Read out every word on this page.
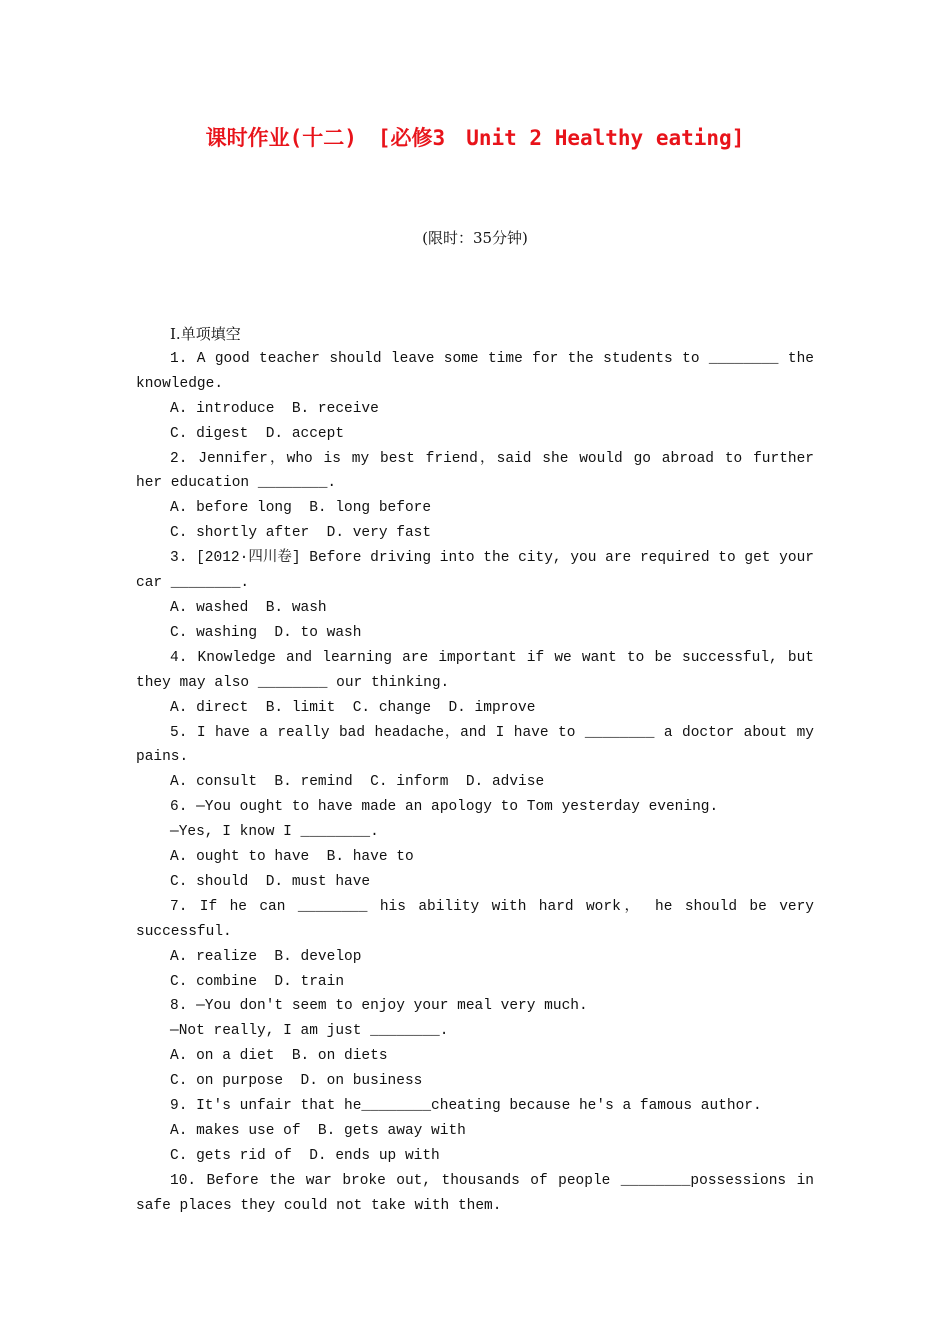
课时作业(十二)　[必修3　Unit 2 Healthy eating]
(限时：35分钟)
Ⅰ.单项填空

1. A good teacher should leave some time for the students to ________ the knowledge.

A. introduce  B. receive

C. digest  D. accept

2. Jennifer，who is my best friend，said she would go abroad to further her education ________.

A. before long  B. long before

C. shortly after  D. very fast

3. [2012·四川卷] Before driving into the city, you are required to get your car ________.

A. washed  B. wash

C. washing  D. to wash

4. Knowledge and learning are important if we want to be successful, but they may also ________ our thinking.

A. direct  B. limit  C. change  D. improve

5. I have a really bad headache，and I have to ________ a doctor about my pains.

A. consult  B. remind  C. inform  D. advise

6. —You ought to have made an apology to Tom yesterday evening.

—Yes, I know I ________.

A. ought to have  B. have to

C. should  D. must have

7. If he can ________ his ability with hard work， he should be very successful.

A. realize  B. develop

C. combine  D. train

8. —You don't seem to enjoy your meal very much.

—Not really, I am just ________.

A. on a diet  B. on diets

C. on purpose  D. on business

9. It's unfair that he________cheating because he's a famous author.

A. makes use of  B. gets away with

C. gets rid of  D. ends up with

10. Before the war broke out, thousands of people ________possessions in safe places they could not take with them.
